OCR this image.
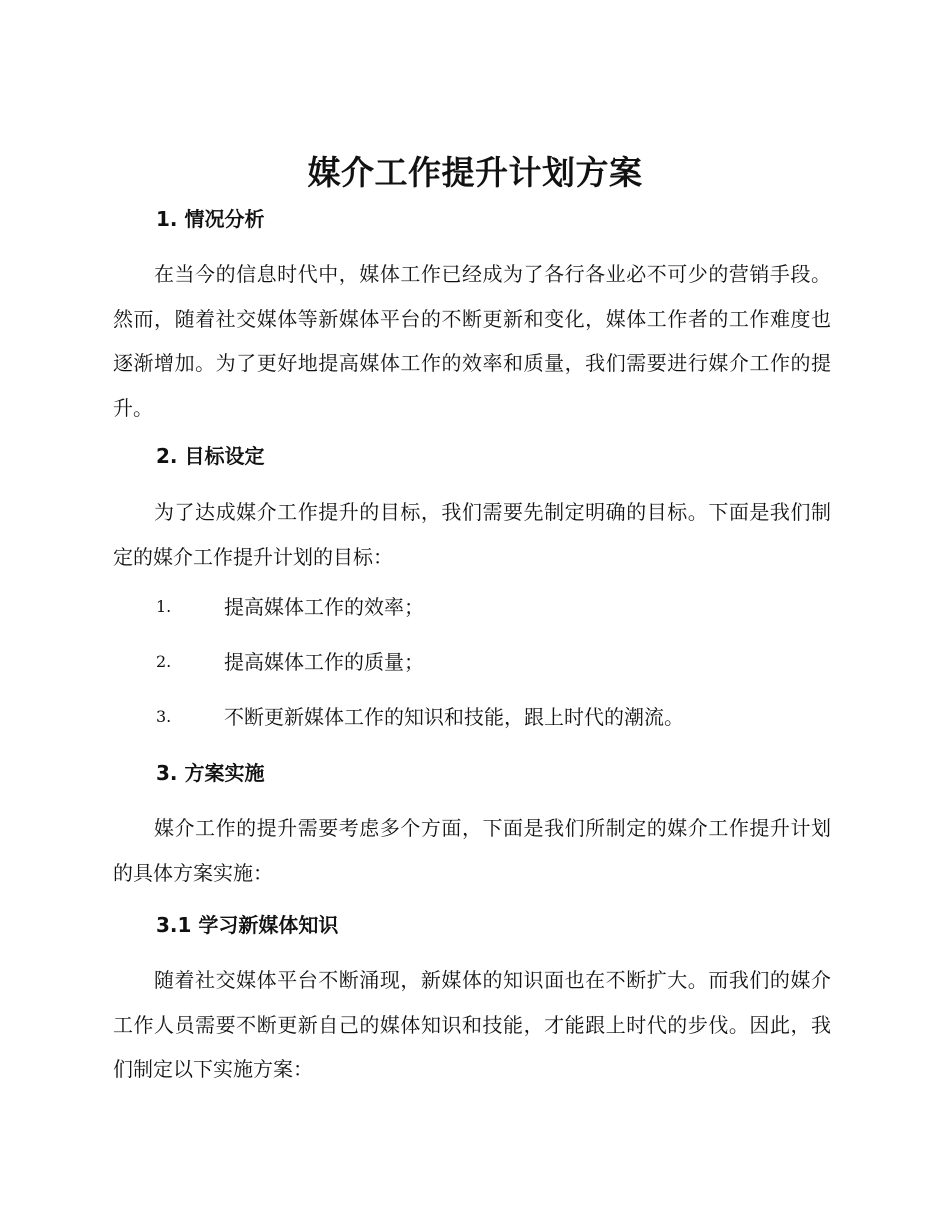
媒介工作提升计划方案
1. 情况分析
在当今的信息时代中，媒体工作已经成为了各行各业必不可少的营销手段。然而，随着社交媒体等新媒体平台的不断更新和变化，媒体工作者的工作难度也逐渐增加。为了更好地提高媒体工作的效率和质量，我们需要进行媒介工作的提升。
2. 目标设定
为了达成媒介工作提升的目标，我们需要先制定明确的目标。下面是我们制定的媒介工作提升计划的目标：
1.	提高媒体工作的效率；
2.	提高媒体工作的质量；
3.	不断更新媒体工作的知识和技能，跟上时代的潮流。
3. 方案实施
媒介工作的提升需要考虑多个方面，下面是我们所制定的媒介工作提升计划的具体方案实施：
3.1 学习新媒体知识
随着社交媒体平台不断涌现，新媒体的知识面也在不断扩大。而我们的媒介工作人员需要不断更新自己的媒体知识和技能，才能跟上时代的步伐。因此，我们制定以下实施方案：
